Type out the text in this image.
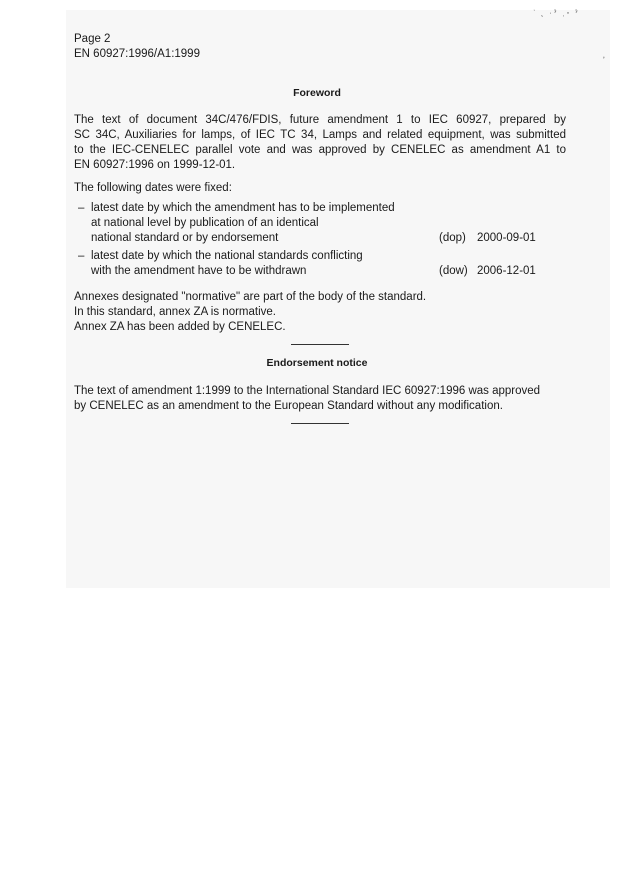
ʾ ˛ ·ˀ ˌ◦ ˀ
ʼ
Page 2
EN 60927:1996/A1:1999
Foreword
The text of document 34C/476/FDIS, future amendment 1 to IEC 60927, prepared by
SC 34C, Auxiliaries for lamps, of IEC TC 34, Lamps and related equipment, was submitted
to the IEC-CENELEC parallel vote and was approved by CENELEC as amendment A1 to
EN 60927:1996 on 1999-12-01.
The following dates were fixed:
– latest date by which the amendment has to be implemented
at national level by publication of an identical
national standard or by endorsement	(dop) 2000-09-01
– latest date by which the national standards conflicting
with the amendment have to be withdrawn	(dow) 2006-12-01
Annexes designated "normative" are part of the body of the standard.
In this standard, annex ZA is normative.
Annex ZA has been added by CENELEC.
Endorsement notice
The text of amendment 1:1999 to the International Standard IEC 60927:1996 was approved
by CENELEC as an amendment to the European Standard without any modification.
